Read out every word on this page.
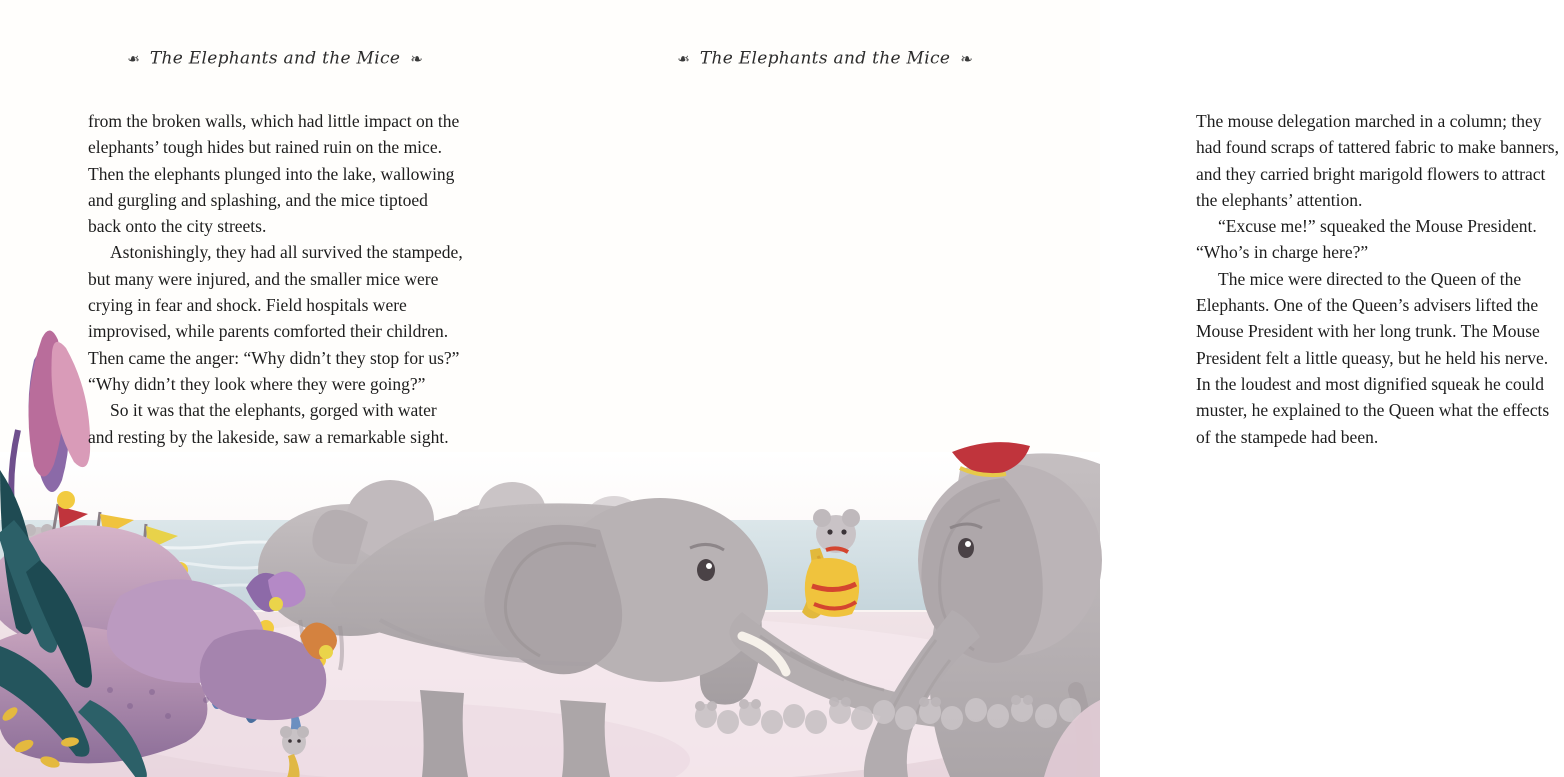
❧ The Elephants and the Mice ❧

from the broken walls, which had little impact on the elephants’ tough hides but rained ruin on the mice. Then the elephants plunged into the lake, wallowing and gurgling and splashing, and the mice tiptoed back onto the city streets.

Astonishingly, they had all survived the stampede, but many were injured, and the smaller mice were crying in fear and shock. Field hospitals were improvised, while parents comforted their children. Then came the anger: “Why didn’t they stop for us?” “Why didn’t they look where they were going?”

So it was that the elephants, gorged with water and resting by the lakeside, saw a remarkable sight.

❧ The Elephants and the Mice ❧

The mouse delegation marched in a column; they had found scraps of tattered fabric to make banners, and they carried bright marigold flowers to attract the elephants’ attention.

“Excuse me!” squeaked the Mouse President. “Who’s in charge here?”

The mice were directed to the Queen of the Elephants. One of the Queen’s advisers lifted the Mouse President with her long trunk. The Mouse President felt a little queasy, but he held his nerve. In the loudest and most dignified squeak he could muster, he explained to the Queen what the effects of the stampede had been.
